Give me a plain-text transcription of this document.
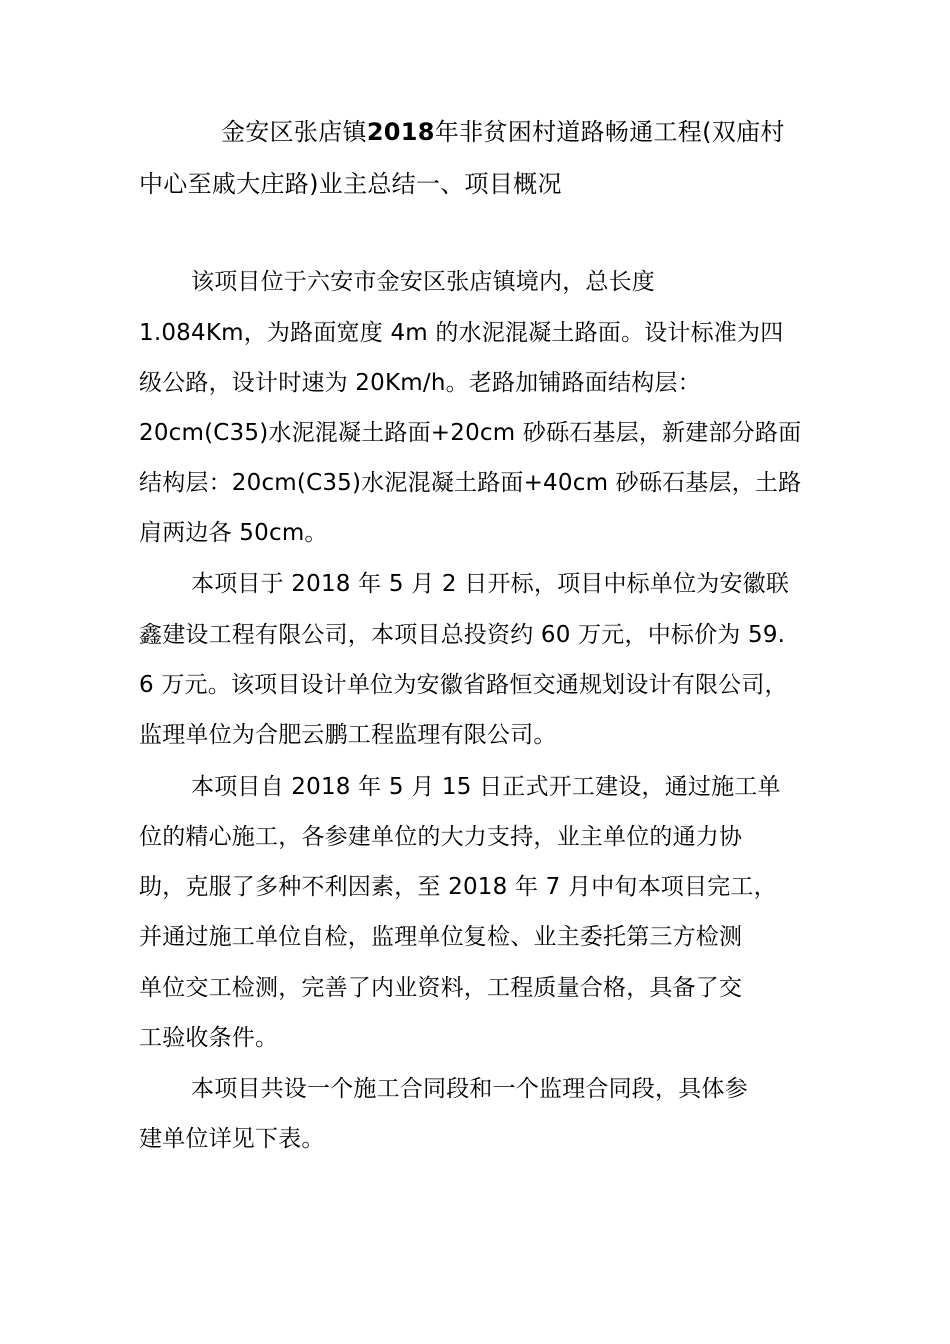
金安区张店镇2018年非贫困村道路畅通工程(双庙村
中心至戚大庄路)业主总结一、项目概况
该项目位于六安市金安区张店镇境内，总长度
1.084Km，为路面宽度 4m 的水泥混凝土路面。设计标准为四
级公路，设计时速为 20Km/h。老路加铺路面结构层：
20cm(C35)水泥混凝土路面+20cm 砂砾石基层，新建部分路面
结构层：20cm(C35)水泥混凝土路面+40cm 砂砾石基层，土路
肩两边各 50cm。
本项目于 2018 年 5 月 2 日开标，项目中标单位为安徽联
鑫建设工程有限公司，本项目总投资约 60 万元，中标价为 59.
6 万元。该项目设计单位为安徽省路恒交通规划设计有限公司，
监理单位为合肥云鹏工程监理有限公司。
本项目自 2018 年 5 月 15 日正式开工建设，通过施工单
位的精心施工，各参建单位的大力支持，业主单位的通力协
助，克服了多种不利因素，至 2018 年 7 月中旬本项目完工，
并通过施工单位自检，监理单位复检、业主委托第三方检测
单位交工检测，完善了内业资料，工程质量合格，具备了交
工验收条件。
本项目共设一个施工合同段和一个监理合同段，具体参
建单位详见下表。
